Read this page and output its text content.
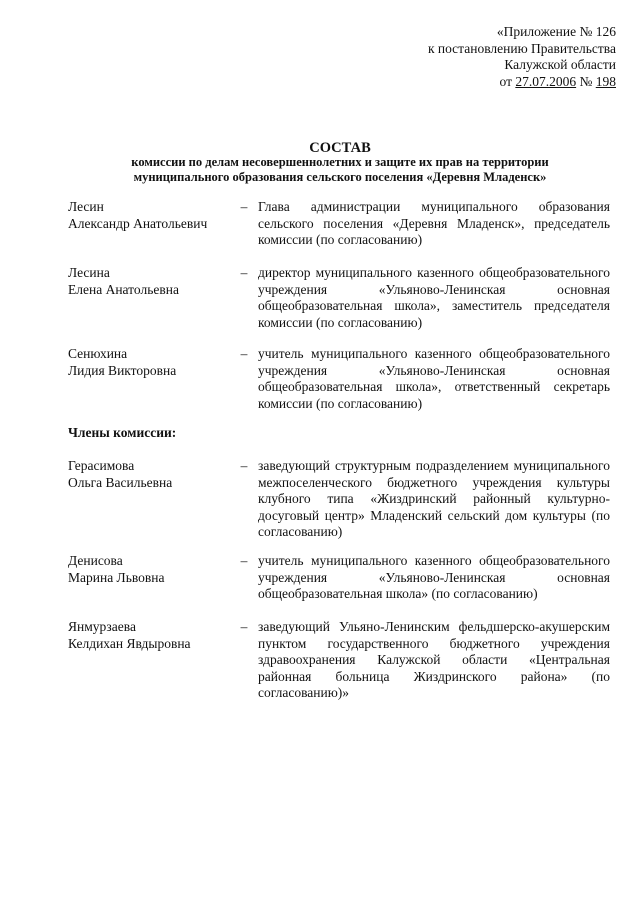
«Приложение № 126
к постановлению Правительства
Калужской области
от 27.07.2006 № 198
СОСТАВ
комиссии по делам несовершеннолетних и защите их прав на территории
муниципального образования сельского поселения «Деревня Младенск»
Лесин
Александр Анатольевич
– Глава администрации муниципального образования сельского поселения «Деревня Младенск», председатель комиссии (по согласованию)
Лесина
Елена Анатольевна
– директор муниципального казенного общеобразовательного учреждения «Ульяново-Ленинская основная общеобразовательная школа», заместитель председателя комиссии (по согласованию)
Сенюхина
Лидия Викторовна
– учитель муниципального казенного общеобразовательного учреждения «Ульяново-Ленинская основная общеобразовательная школа», ответственный секретарь комиссии (по согласованию)
Члены комиссии:
Герасимова
Ольга Васильевна
– заведующий структурным подразделением муниципального межпоселенческого бюджетного учреждения культуры клубного типа «Жиздринский районный культурно-досуговый центр» Младенский сельский дом культуры (по согласованию)
Денисова
Марина Львовна
– учитель муниципального казенного общеобразовательного учреждения «Ульяново-Ленинская основная общеобразовательная школа» (по согласованию)
Янмурзаева
Келдихан Явдыровна
– заведующий Ульяно-Ленинским фельдшерско-акушерским пунктом государственного бюджетного учреждения здравоохранения Калужской области «Центральная районная больница Жиздринского района» (по согласованию)»
